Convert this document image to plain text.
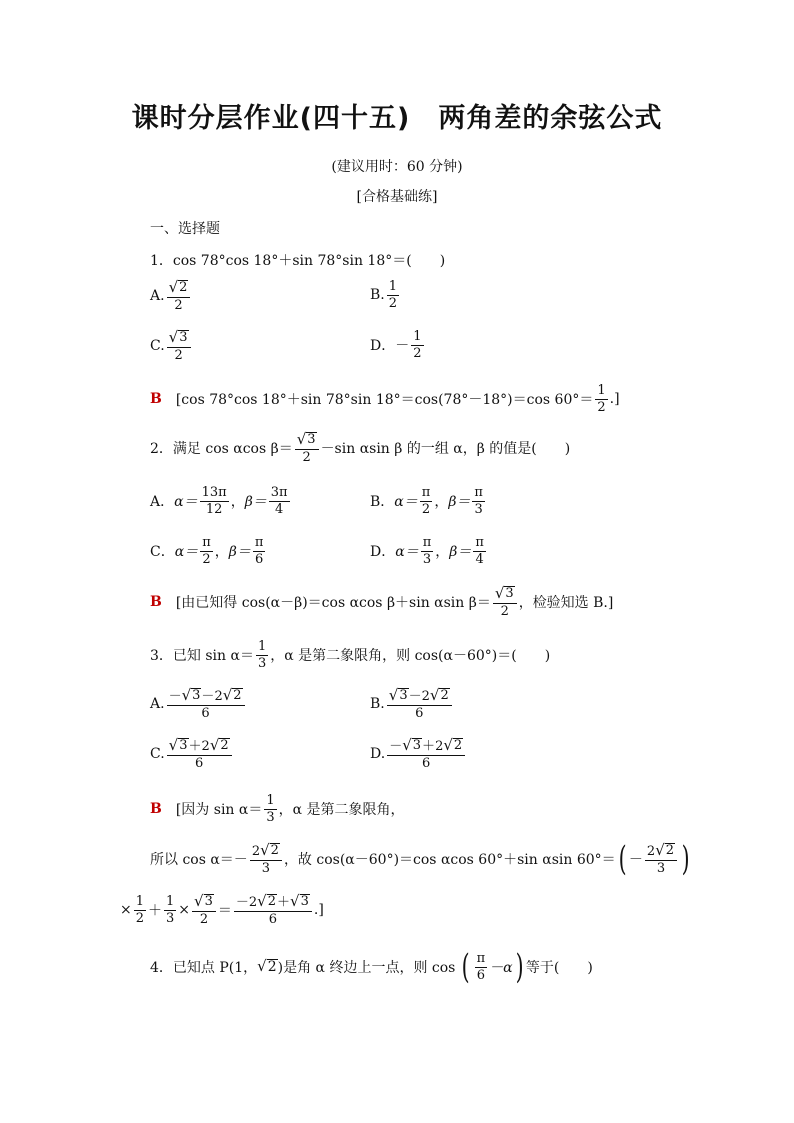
课时分层作业(四十五)　两角差的余弦公式
(建议用时：60 分钟)
[合格基础练]
一、选择题
1．cos 78°cos 18°＋sin 78°sin 18°＝(　　)
A. $\frac{√ 2}{2}$	B. $\frac{1}{2}$
C. $\frac{√ 3}{2}$	D．－ $\frac{1}{2}$
B [cos 78°cos 18°＋sin 78°sin 18°＝cos(78°－18°)＝cos $60^\circ= \frac{1}{2}$ .]
2．满足 cos αcos $\beta= \frac{√ 3}{2} -\sin$ αsin β 的一组 α，β 的值是(　　)
A． $\alpha= \frac{13\pi}{12}$ ， $\beta= \frac{3\pi}{4}$	B． $\alpha= \frac{\pi}{2}$ ， $\beta= \frac{\pi}{3}$
C． $\alpha= \frac{\pi}{2}$ ， $\beta= \frac{\pi}{6}$	D． $\alpha= \frac{\pi}{3}$ ， $\beta= \frac{\pi}{4}$
B [由已知得 cos(α－β)＝cos αcos β＋sin αsin $\beta= \frac{√ 3}{2}$ ，检验知选 B.]
3．已知 $\sin \alpha= \frac{1}{3}$ ，α 是第二象限角，则 cos(α－60°)＝(　　)
A. $\frac{- √ 3 -2 √ 2}{6}$	B. $\frac{√ 3 -2 √ 2}{6}$
C. $\frac{√ 3 +2 √ 2}{6}$	D. $\frac{- √ 3 +2 √ 2}{6}$
B [因为 $\sin \alpha= \frac{1}{3}$ ，α 是第二象限角，
所以 $\cos \alpha=- \frac{2 √ 2}{3}$ ，故 cos(α－60°)＝cos αcos 60°＋sin αsin 60°＝ ( － $\frac{2 √ 2}{3}$ )
× $\frac{1}{2} + \frac{1}{3} \times \frac{√ 3}{2} = \frac{-2 √ 2 + √ 3}{6}$ .]
4．已知点 P(1， √ 2 )是角 α 终边上一点，则 cos ( $\frac{\pi}{6} -\alpha$ ) 等于(　　)
